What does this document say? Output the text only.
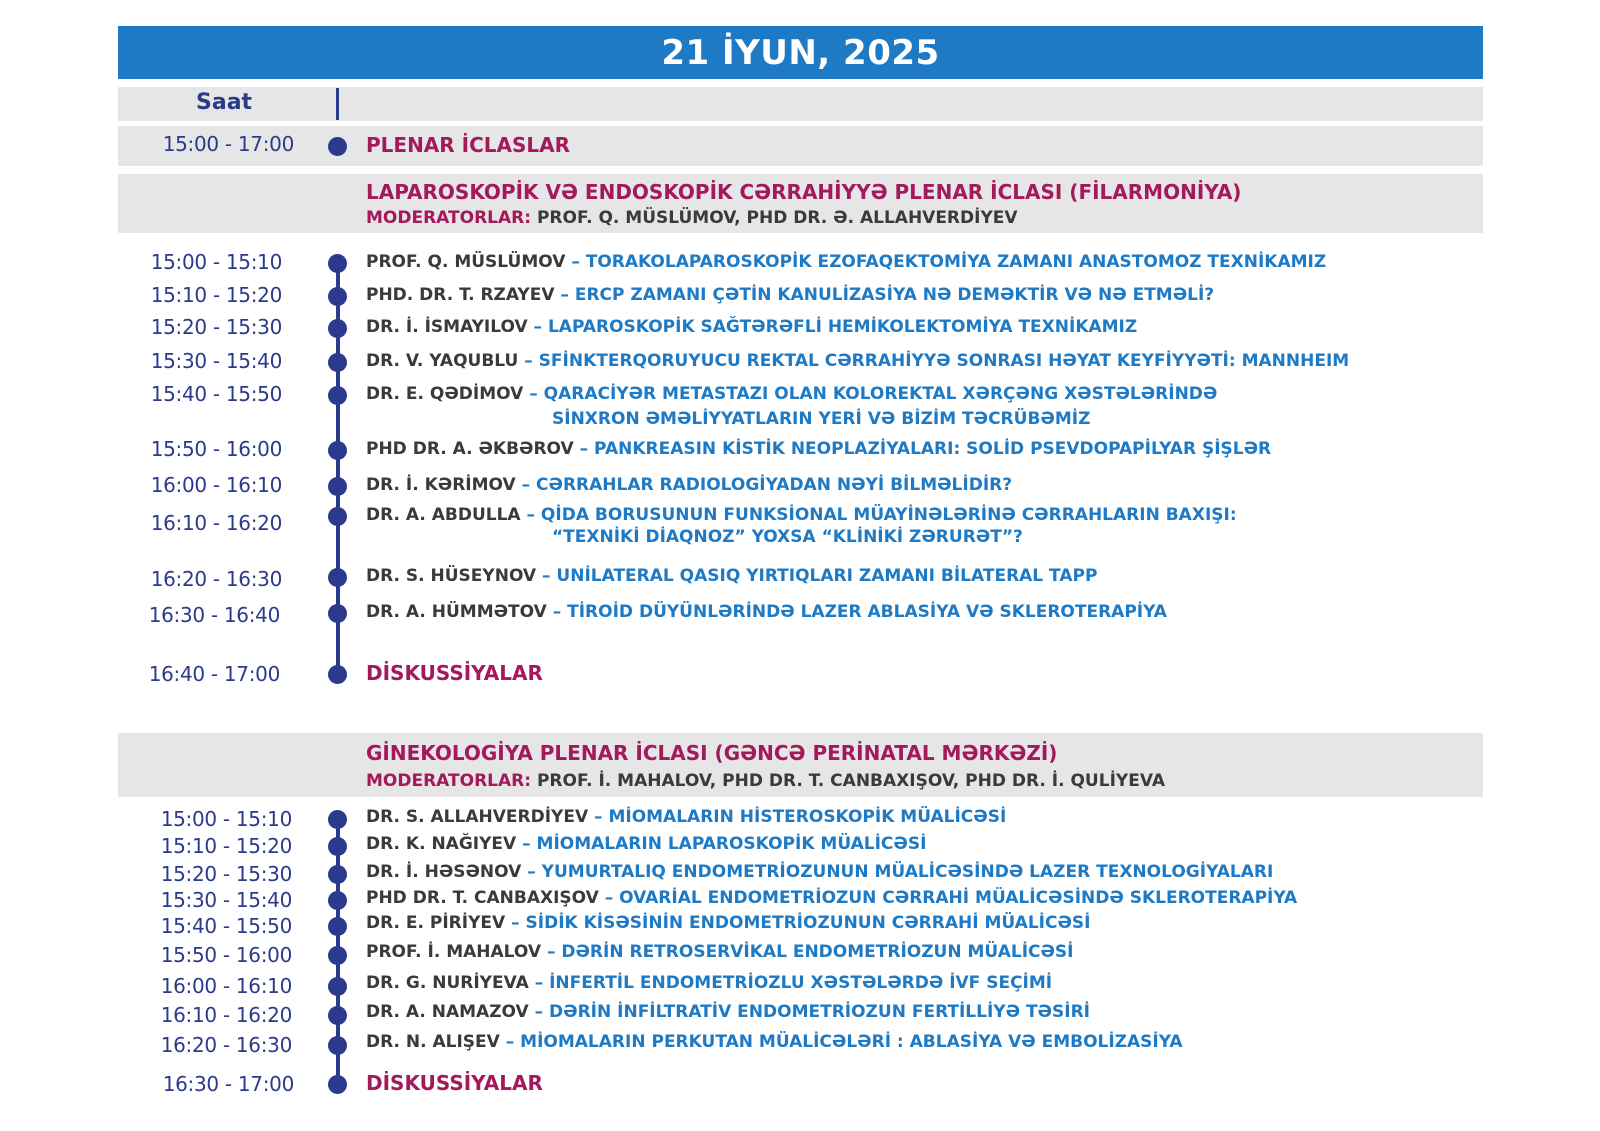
21 İYUN, 2025
Saat
15:00 - 17:00	PLENAR İCLASLAR
LAPAROSKOPİK VƏ ENDOSKOPİK CƏRRAHİYYƏ PLENAR İCLASI (FİLARMONİYA)
MODERATORLAR: PROF. Q. MÜSLÜMOV, PHD DR. Ə. ALLAHVERDİYEV
15:00 - 15:10	PROF. Q. MÜSLÜMOV – TORAKOLAPAROSKOPİK EZOFAQEKTOMİYA ZAMANI ANASTOMOZ TEXNİKAMIZ
15:10 - 15:20	PHD. DR. T. RZAYEV – ERCP ZAMANI ÇƏTİN KANULİZASİYA NƏ DEMƏKTİR VƏ NƏ ETMƏLİ?
15:20 - 15:30	DR. İ. İSMAYILOV – LAPAROSKOPİK SAĞTƏRƏFLİ HEMİKOLEKTOMİYA TEXNİKAMIZ
15:30 - 15:40	DR. V. YAQUBLU – SFİNKTERQORUYUCU REKTAL CƏRRAHİYYƏ SONRASI HƏYAT KEYFİYYƏTİ: MANNHEIM
15:40 - 15:50	DR. E. QƏDİMOV – QARACİYƏR METASTAZI OLAN KOLOREKTAL XƏRÇƏNG XƏSTƏLƏRİNDƏ
SİNXRON ƏMƏLİYYATLARIN YERİ VƏ BİZİM TƏCRÜBƏMİZ
15:50 - 16:00	PHD DR. A. ƏKBƏROV – PANKREASIN KİSTİK NEOPLAZİYALARI: SOLİD PSEVDOPAPİLYAR ŞİŞLƏR
16:00 - 16:10	DR. İ. KƏRİMOV – CƏRRAHLAR RADIOLOGİYADAN NƏYİ BİLMƏLİDİR?
16:10 - 16:20	DR. A. ABDULLA – QİDA BORUSUNUN FUNKSİONAL MÜAYİNƏLƏRİNƏ CƏRRAHLARIN BAXIŞI:
“TEXNİKİ DİAQNOZ” YOXSA “KLİNİKİ ZƏRURƏT”?
16:20 - 16:30	DR. S. HÜSEYNOV – UNİLATERAL QASIQ YIRTIQLARI ZAMANI BİLATERAL TAPP
16:30 - 16:40	DR. A. HÜMMƏTOV – TİROİD DÜYÜNLƏRİNDƏ LAZER ABLASİYA VƏ SKLEROTERAPİYA
16:40 - 17:00	DİSKUSSİYALAR
GİNEKOLOGİYA PLENAR İCLASI (GƏNCƏ PERİNATAL MƏRKƏZİ)
MODERATORLAR: PROF. İ. MAHALOV, PHD DR. T. CANBAXIŞOV, PHD DR. İ. QULİYEVA
15:00 - 15:10	DR. S. ALLAHVERDİYEV – MİOMALARIN HİSTEROSKOPİK MÜALİCƏSİ
15:10 - 15:20	DR. K. NAĞIYEV – MİOMALARIN LAPAROSKOPİK MÜALİCƏSİ
15:20 - 15:30	DR. İ. HƏSƏNOV – YUMURTALIQ ENDOMETRİOZUNUN MÜALİCƏSİNDƏ LAZER TEXNOLOGİYALARI
15:30 - 15:40	PHD DR. T. CANBAXIŞOV – OVARİAL ENDOMETRİOZUN CƏRRAHİ MÜALİCƏSİNDƏ SKLEROTERAPİYA
15:40 - 15:50	DR. E. PİRİYEV – SİDİK KİSƏSİNİN ENDOMETRİOZUNUN CƏRRAHİ MÜALİCƏSİ
15:50 - 16:00	PROF. İ. MAHALOV – DƏRİN RETROSERVİKAL ENDOMETRİOZUN MÜALİCƏSİ
16:00 - 16:10	DR. G. NURİYEVA – İNFERTİL ENDOMETRİOZLU XƏSTƏLƏRDƏ İVF SEÇİMİ
16:10 - 16:20	DR. A. NAMAZOV – DƏRİN İNFİLTRATİV ENDOMETRİOZUN FERTİLLİYƏ TƏSİRİ
16:20 - 16:30	DR. N. ALIŞEV – MİOMALARIN PERKUTAN MÜALİCƏLƏRİ : ABLASİYA VƏ EMBOLİZASİYA
16:30 - 17:00	DİSKUSSİYALAR
